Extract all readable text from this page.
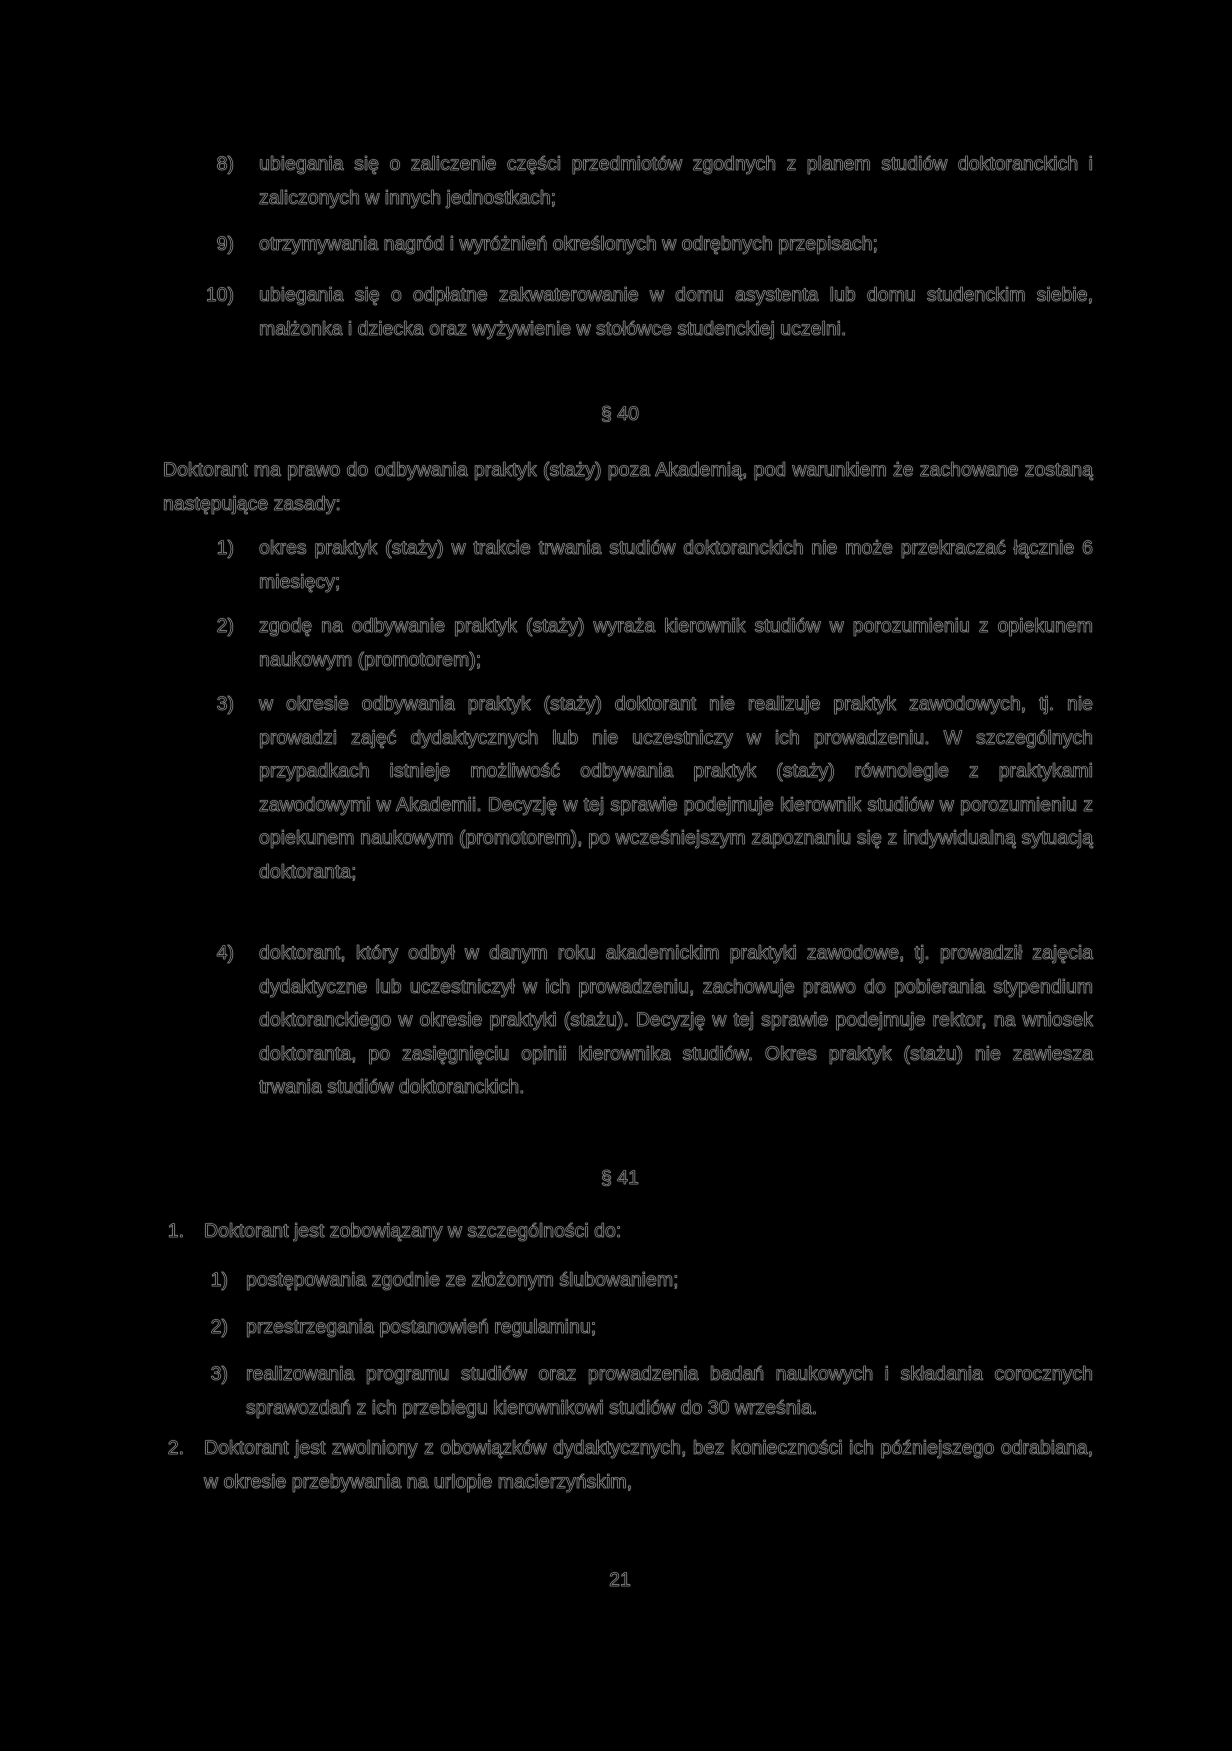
8) ubiegania się o zaliczenie części przedmiotów zgodnych z planem studiów doktoranckich i zaliczonych w innych jednostkach;
9) otrzymywania nagród i wyróżnień określonych w odrębnych przepisach;
10) ubiegania się o odpłatne zakwaterowanie w domu asystenta lub domu studenckim siebie, małżonka i dziecka oraz wyżywienie w stołówce studenckiej uczelni.
§ 40
Doktorant ma prawo do odbywania praktyk (staży) poza Akademią, pod warunkiem że zachowane zostaną następujące zasady:
1) okres praktyk (staży) w trakcie trwania studiów doktoranckich nie może przekraczać łącznie 6 miesięcy;
2) zgodę na odbywanie praktyk (staży) wyraża kierownik studiów w porozumieniu z opiekunem naukowym (promotorem);
3) w okresie odbywania praktyk (staży) doktorant nie realizuje praktyk zawodowych, tj. nie prowadzi zajęć dydaktycznych lub nie uczestniczy w ich prowadzeniu. W szczególnych przypadkach istnieje możliwość odbywania praktyk (staży) równolegle z praktykami zawodowymi w Akademii. Decyzję w tej sprawie podejmuje kierownik studiów w porozumieniu z opiekunem naukowym (promotorem), po wcześniejszym zapoznaniu się z indywidualną sytuacją doktoranta;
4) doktorant, który odbył w danym roku akademickim praktyki zawodowe, tj. prowadził zajęcia dydaktyczne lub uczestniczył w ich prowadzeniu, zachowuje prawo do pobierania stypendium doktoranckiego w okresie praktyki (stażu). Decyzję w tej sprawie podejmuje rektor, na wniosek doktoranta, po zasięgnięciu opinii kierownika studiów. Okres praktyk (stażu) nie zawiesza trwania studiów doktoranckich.
§ 41
1. Doktorant jest zobowiązany w szczególności do:
1) postępowania zgodnie ze złożonym ślubowaniem;
2) przestrzegania postanowień regulaminu;
3) realizowania programu studiów oraz prowadzenia badań naukowych i składania corocznych sprawozdań z ich przebiegu kierownikowi studiów do 30 września.
2. Doktorant jest zwolniony z obowiązków dydaktycznych, bez konieczności ich późniejszego odrabiana, w okresie przebywania na urlopie macierzyńskim,
21
